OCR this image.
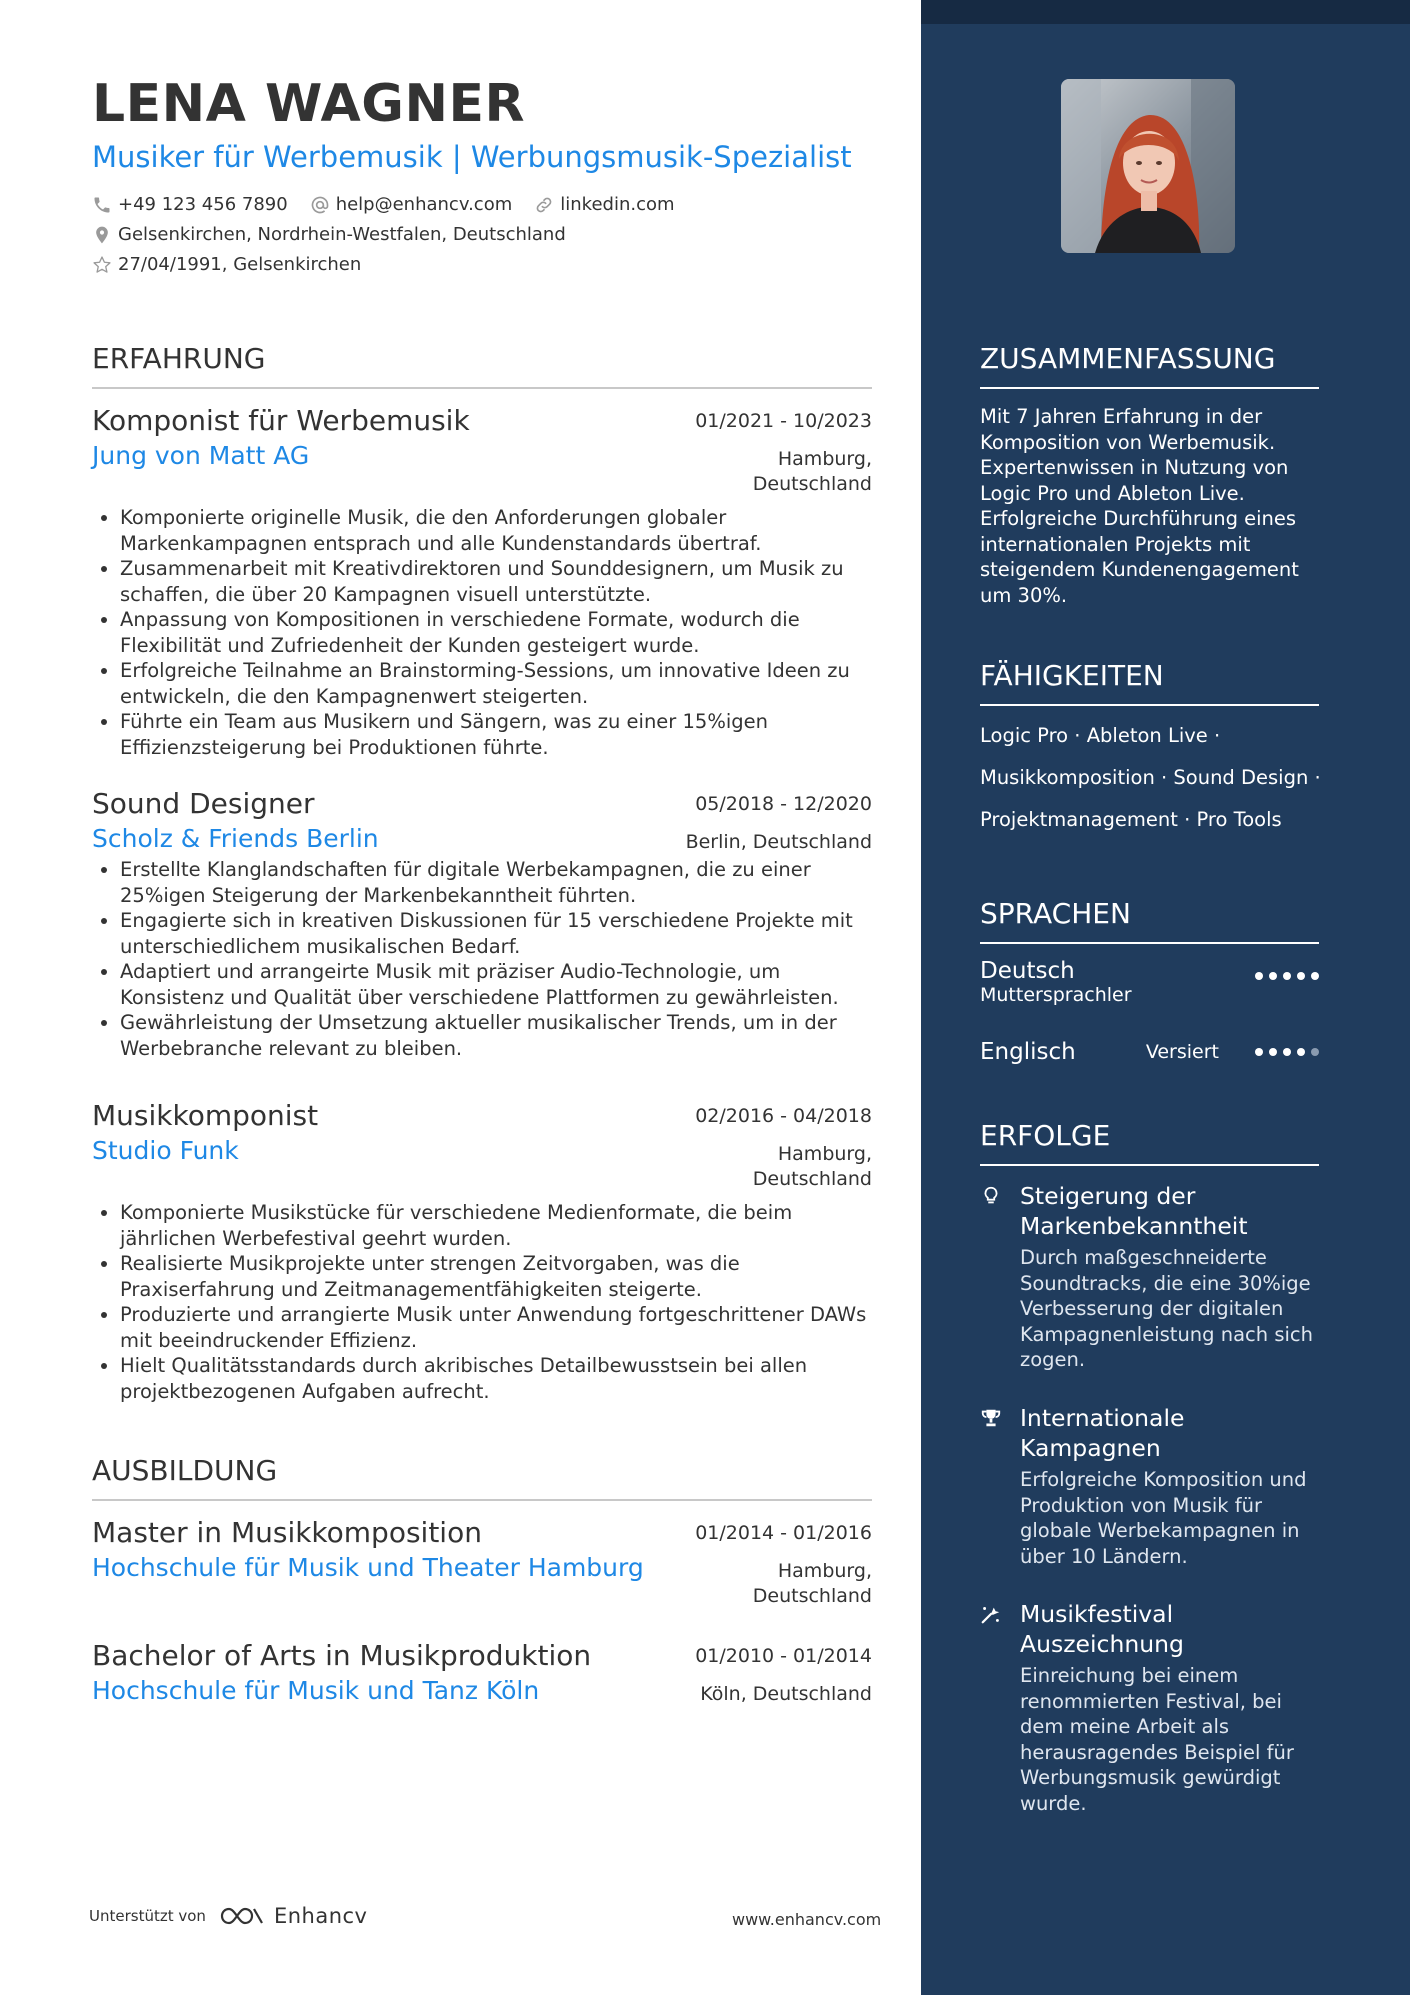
LENA WAGNER
Musiker für Werbemusik | Werbungsmusik-Spezialist
+49 123 456 7890	help@enhancv.com	linkedin.com
Gelsenkirchen, Nordrhein-Westfalen, Deutschland
27/04/1991, Gelsenkirchen
ERFAHRUNG
Komponist für Werbemusik	01/2021 - 10/2023
Jung von Matt AG	Hamburg, Deutschland
• Komponierte originelle Musik, die den Anforderungen globaler Markenkampagnen entsprach und alle Kundenstandards übertraf.
• Zusammenarbeit mit Kreativdirektoren und Sounddesignern, um Musik zu schaffen, die über 20 Kampagnen visuell unterstützte.
• Anpassung von Kompositionen in verschiedene Formate, wodurch die Flexibilität und Zufriedenheit der Kunden gesteigert wurde.
• Erfolgreiche Teilnahme an Brainstorming-Sessions, um innovative Ideen zu entwickeln, die den Kampagnenwert steigerten.
• Führte ein Team aus Musikern und Sängern, was zu einer 15%igen Effizienzsteigerung bei Produktionen führte.
Sound Designer	05/2018 - 12/2020
Scholz & Friends Berlin	Berlin, Deutschland
• Erstellte Klanglandschaften für digitale Werbekampagnen, die zu einer 25%igen Steigerung der Markenbekanntheit führten.
• Engagierte sich in kreativen Diskussionen für 15 verschiedene Projekte mit unterschiedlichem musikalischen Bedarf.
• Adaptiert und arrangeirte Musik mit präziser Audio-Technologie, um Konsistenz und Qualität über verschiedene Plattformen zu gewährleisten.
• Gewährleistung der Umsetzung aktueller musikalischer Trends, um in der Werbebranche relevant zu bleiben.
Musikkomponist	02/2016 - 04/2018
Studio Funk	Hamburg, Deutschland
• Komponierte Musikstücke für verschiedene Medienformate, die beim jährlichen Werbefestival geehrt wurden.
• Realisierte Musikprojekte unter strengen Zeitvorgaben, was die Praxiserfahrung und Zeitmanagementfähigkeiten steigerte.
• Produzierte und arrangierte Musik unter Anwendung fortgeschrittener DAWs mit beeindruckender Effizienz.
• Hielt Qualitätsstandards durch akribisches Detailbewusstsein bei allen projektbezogenen Aufgaben aufrecht.
AUSBILDUNG
Master in Musikkomposition	01/2014 - 01/2016
Hochschule für Musik und Theater Hamburg	Hamburg, Deutschland
Bachelor of Arts in Musikproduktion	01/2010 - 01/2014
Hochschule für Musik und Tanz Köln	Köln, Deutschland
Unterstützt von	Enhancv	www.enhancv.com
ZUSAMMENFASSUNG
Mit 7 Jahren Erfahrung in der Komposition von Werbemusik. Expertenwissen in Nutzung von Logic Pro und Ableton Live. Erfolgreiche Durchführung eines internationalen Projekts mit steigendem Kundenengagement um 30%.
FÄHIGKEITEN
Logic Pro · Ableton Live ·
Musikkomposition · Sound Design ·
Projektmanagement · Pro Tools
SPRACHEN
Deutsch
Muttersprachler
Englisch	Versiert
ERFOLGE
Steigerung der Markenbekanntheit
Durch maßgeschneiderte Soundtracks, die eine 30%ige Verbesserung der digitalen Kampagnenleistung nach sich zogen.
Internationale Kampagnen
Erfolgreiche Komposition und Produktion von Musik für globale Werbekampagnen in über 10 Ländern.
Musikfestival Auszeichnung
Einreichung bei einem renommierten Festival, bei dem meine Arbeit als herausragendes Beispiel für Werbungsmusik gewürdigt wurde.
